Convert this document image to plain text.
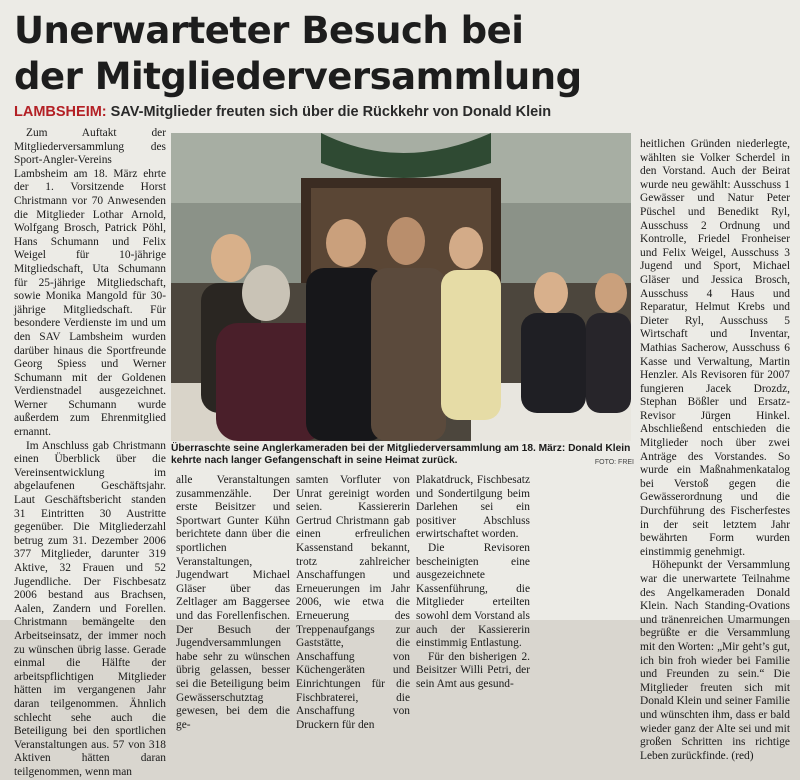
Unerwarteter Besuch bei
der Mitgliederversammlung
LAMBSHEIM: SAV-Mitglieder freuten sich über die Rückkehr von Donald Klein

Zum Auftakt der Mitgliederversammlung des Sport-Angler-Vereins Lambsheim am 18. März ehrte der 1. Vorsitzende Horst Christmann vor 70 Anwesenden die Mitglieder Lothar Arnold, Wolfgang Brosch, Patrick Pöhl, Hans Schumann und Felix Weigel für 10-jährige Mitgliedschaft, Uta Schumann für 25-jährige Mitgliedschaft, sowie Monika Mangold für 30-jährige Mitgliedschaft. Für besondere Verdienste im und um den SAV Lambsheim wurden darüber hinaus die Sportfreunde Georg Spiess und Werner Schumann mit der Goldenen Verdienstnadel ausgezeichnet. Werner Schumann wurde außerdem zum Ehrenmitglied ernannt.

Im Anschluss gab Christmann einen Überblick über die Vereinsentwicklung im abgelaufenen Geschäftsjahr. Laut Geschäftsbericht standen 31 Eintritten 30 Austritte gegenüber. Die Mitgliederzahl betrug zum 31. Dezember 2006 377 Mitglieder, darunter 319 Aktive, 32 Frauen und 52 Jugendliche. Der Fischbesatz 2006 bestand aus Brachsen, Aalen, Zandern und Forellen. Christmann bemängelte den Arbeitseinsatz, der immer noch zu wünschen übrig lasse. Gerade einmal die Hälfte der arbeitspflichtigen Mitglieder hätten im vergangenen Jahr daran teilgenommen. Ähnlich schlecht sehe auch die Beteiligung bei den sportlichen Veranstaltungen aus. 57 von 318 Aktiven hätten daran teilgenommen, wenn man

Überraschte seine Anglerkameraden bei der Mitgliederversammlung am 18. März: Donald Klein kehrte nach langer Gefangenschaft in seine Heimat zurück.	FOTO: FREI

alle Veranstaltungen zusammenzähle. Der erste Beisitzer und Sportwart Gunter Kühn berichtete dann über die sportlichen Veranstaltungen, Jugendwart Michael Gläser über das Zeltlager am Baggersee und das Forellenfischen. Der Besuch der Jugendversammlungen habe sehr zu wünschen übrig gelassen, besser sei die Beteiligung beim Gewässerschutztag gewesen, bei dem die ge-

samten Vorfluter von Unrat gereinigt worden seien. Kassiererin Gertrud Christmann gab einen erfreulichen Kassenstand bekannt, trotz zahlreicher Anschaffungen und Erneuerungen im Jahr 2006, wie etwa die Erneuerung des Treppenaufgangs zur Gaststätte, die Anschaffung von Küchengeräten und Einrichtungen für die Fischbraterei, die Anschaffung von Druckern für den

Plakatdruck, Fischbesatz und Sondertilgung beim Darlehen sei ein positiver Abschluss erwirtschaftet worden.

Die Revisoren bescheinigten eine ausgezeichnete Kassenführung, die Mitglieder erteilten sowohl dem Vorstand als auch der Kassiererin einstimmig Entlastung.

Für den bisherigen 2. Beisitzer Willi Petri, der sein Amt aus gesund-

heitlichen Gründen niederlegte, wählten sie Volker Scherdel in den Vorstand. Auch der Beirat wurde neu gewählt: Ausschuss 1 Gewässer und Natur Peter Püschel und Benedikt Ryl, Ausschuss 2 Ordnung und Kontrolle, Friedel Fronheiser und Felix Weigel, Ausschuss 3 Jugend und Sport, Michael Gläser und Jessica Brosch, Ausschuss 4 Haus und Reparatur, Helmut Krebs und Dieter Ryl, Ausschuss 5 Wirtschaft und Inventar, Mathias Sacherow, Ausschuss 6 Kasse und Verwaltung, Martin Henzler. Als Revisoren für 2007 fungieren Jacek Drozdz, Stephan Bößler und Ersatz-Revisor Jürgen Hinkel. Abschließend entschieden die Mitglieder noch über zwei Anträge des Vorstandes. So wurde ein Maßnahmenkatalog bei Verstoß gegen die Gewässerordnung und die Durchführung des Fischerfestes in der seit letztem Jahr bewährten Form wurden einstimmig genehmigt.

Höhepunkt der Versammlung war die unerwartete Teilnahme des Angelkameraden Donald Klein. Nach Standing-Ovations und tränenreichen Umarmungen begrüßte er die Versammlung mit den Worten: „Mir geht’s gut, ich bin froh wieder bei Familie und Freunden zu sein.“ Die Mitglieder freuten sich mit Donald Klein und seiner Familie und wünschten ihm, dass er bald wieder ganz der Alte sei und mit großen Schritten ins richtige Leben zurückfinde. (red)
